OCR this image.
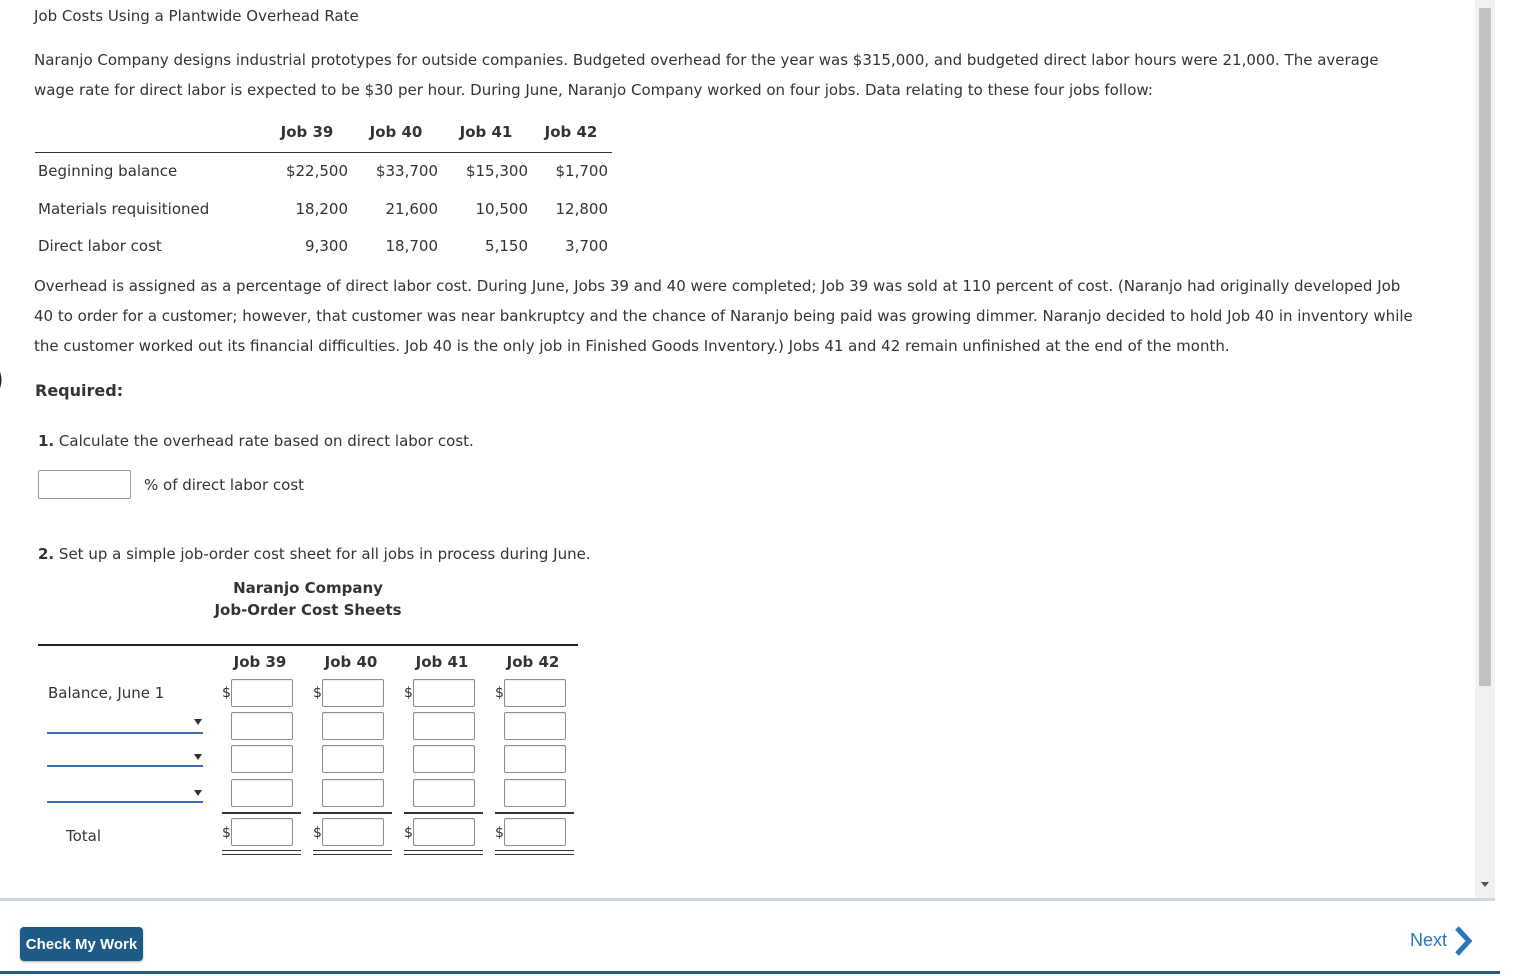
Job Costs Using a Plantwide Overhead Rate
Naranjo Company designs industrial prototypes for outside companies. Budgeted overhead for the year was $315,000, and budgeted direct labor hours were 21,000. The average
wage rate for direct labor is expected to be $30 per hour. During June, Naranjo Company worked on four jobs. Data relating to these four jobs follow:
Job 39	Job 40	Job 41	Job 42
Beginning balance	$22,500	$33,700	$15,300	$1,700
Materials requisitioned	18,200	21,600	10,500	12,800
Direct labor cost	9,300	18,700	5,150	3,700
Overhead is assigned as a percentage of direct labor cost. During June, Jobs 39 and 40 were completed; Job 39 was sold at 110 percent of cost. (Naranjo had originally developed Job
40 to order for a customer; however, that customer was near bankruptcy and the chance of Naranjo being paid was growing dimmer. Naranjo decided to hold Job 40 in inventory while
the customer worked out its financial difficulties. Job 40 is the only job in Finished Goods Inventory.) Jobs 41 and 42 remain unfinished at the end of the month.
Required:
1. Calculate the overhead rate based on direct labor cost.
% of direct labor cost
2. Set up a simple job-order cost sheet for all jobs in process during June.
Naranjo Company
Job-Order Cost Sheets
Job 39	Job 40	Job 41	Job 42
Balance, June 1	$	$	$	$
Total	$	$	$	$
Check My Work	Next
